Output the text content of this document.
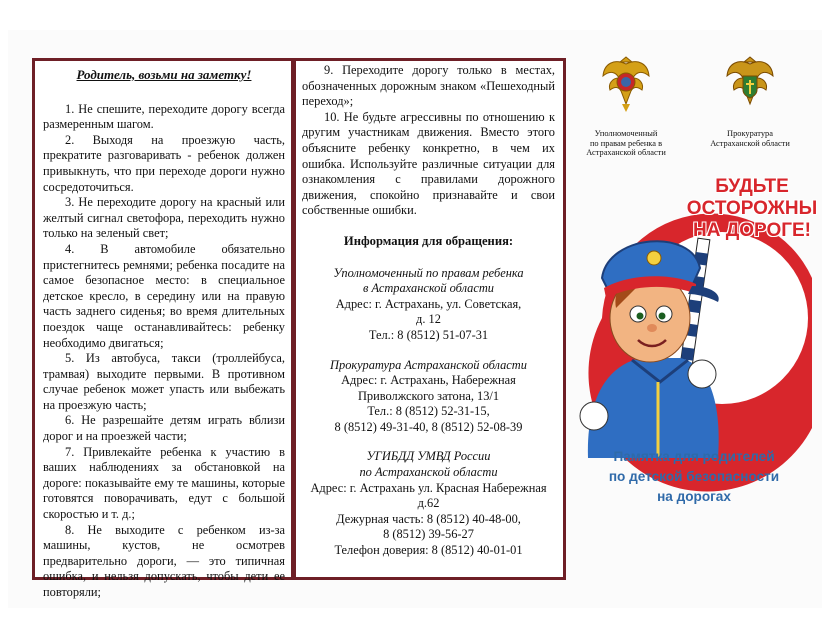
Родитель, возьми на заметку!

1. Не спешите, переходите дорогу всегда размеренным шагом.

2. Выходя на проезжую часть, прекратите разговаривать - ребенок должен привыкнуть, что при переходе дороги нужно сосредоточиться.

3. Не переходите дорогу на красный или желтый сигнал светофора, переходить нужно только на зеленый свет;

4. В автомобиле обязательно пристегнитесь ремнями; ребенка посадите на самое безопасное место: в специальное детское кресло, в середину или на правую часть заднего сиденья; во время длительных поездок чаще останавливайтесь: ребенку необходимо двигаться;

5. Из автобуса, такси (троллейбуса, трамвая) выходите первыми. В противном случае ребенок может упасть или выбежать на проезжую часть;

6. Не разрешайте детям играть вблизи дорог и на проезжей части;

7. Привлекайте ребенка к участию в ваших наблюдениях за обстановкой на дороге: показывайте ему те машины, которые готовятся поворачивать, едут с большой скоростью и т. д.;

8. Не выходите с ребенком из-за машины, кустов, не осмотрев предварительно дороги, — это типичная ошибка, и нельзя допускать, чтобы дети ее повторяли;

9. Переходите дорогу только в местах, обозначенных дорожным знаком «Пешеходный переход»;

10. Не будьте агрессивны по отношению к другим участникам движения. Вместо этого объясните ребенку конкретно, в чем их ошибка. Используйте различные ситуации для ознакомления с правилами дорожного движения, спокойно признавайте и свои собственные ошибки.

Информация для обращения:

Уполномоченный по правам ребенка
в Астраханской области
Адрес: г. Астрахань, ул. Советская,
д. 12
Тел.: 8 (8512) 51-07-31
Прокуратура Астраханской области
Адрес: г. Астрахань, Набережная
Приволжского затона, 13/1
Тел.: 8 (8512) 52-31-15,
8 (8512) 49-31-40, 8 (8512) 52-08-39
УГИБДД УМВД России
по Астраханской области
Адрес: г. Астрахань ул. Красная Набережная
д.62
Дежурная часть: 8 (8512) 40-48-00,
8 (8512) 39-56-27
Телефон доверия: 8 (8512) 40-01-01
Уполномоченный
по правам ребенка в
Астраханской области
Прокуратура
Астраханской области
БУДЬТЕ
ОСТОРОЖНЫ
НА ДОРОГЕ!
Памятка для родителей
по детской безопасности
на дорогах
